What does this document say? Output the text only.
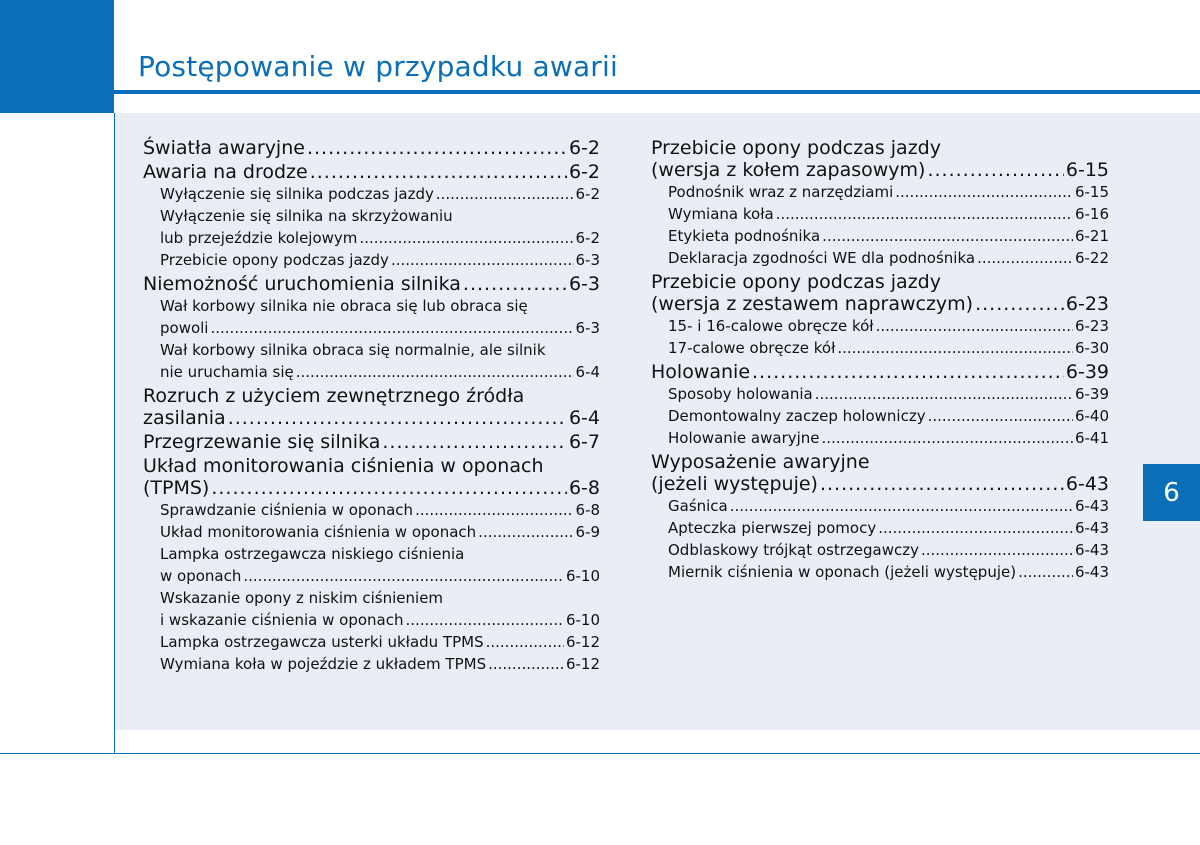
Postępowanie w przypadku awarii
6
Światła awaryjne .....	6-2
Awaria na drodze .....	6-2
Wyłączenie się silnika podczas jazdy .....	6-2
Wyłączenie się silnika na skrzyżowaniu
lub przejeździe kolejowym .....	6-2
Przebicie opony podczas jazdy .....	6-3
Niemożność uruchomienia silnika .....	6-3
Wał korbowy silnika nie obraca się lub obraca się
powoli .....	6-3
Wał korbowy silnika obraca się normalnie, ale silnik
nie uruchamia się .....	6-4
Rozruch z użyciem zewnętrznego źródła
zasilania .....	6-4
Przegrzewanie się silnika .....	6-7
Układ monitorowania ciśnienia w oponach
(TPMS) .....	6-8
Sprawdzanie ciśnienia w oponach .....	6-8
Układ monitorowania ciśnienia w oponach .....	6-9
Lampka ostrzegawcza niskiego ciśnienia
w oponach .....	6-10
Wskazanie opony z niskim ciśnieniem
i wskazanie ciśnienia w oponach .....	6-10
Lampka ostrzegawcza usterki układu TPMS .....	6-12
Wymiana koła w pojeździe z układem TPMS .....	6-12
Przebicie opony podczas jazdy
(wersja z kołem zapasowym) .....	6-15
Podnośnik wraz z narzędziami .....	6-15
Wymiana koła .....	6-16
Etykieta podnośnika .....	6-21
Deklaracja zgodności WE dla podnośnika .....	6-22
Przebicie opony podczas jazdy
(wersja z zestawem naprawczym) .....	6-23
15- i 16-calowe obręcze kół .....	6-23
17-calowe obręcze kół .....	6-30
Holowanie .....	6-39
Sposoby holowania .....	6-39
Demontowalny zaczep holowniczy .....	6-40
Holowanie awaryjne .....	6-41
Wyposażenie awaryjne
(jeżeli występuje) .....	6-43
Gaśnica .....	6-43
Apteczka pierwszej pomocy .....	6-43
Odblaskowy trójkąt ostrzegawczy .....	6-43
Miernik ciśnienia w oponach (jeżeli występuje) .....	6-43
